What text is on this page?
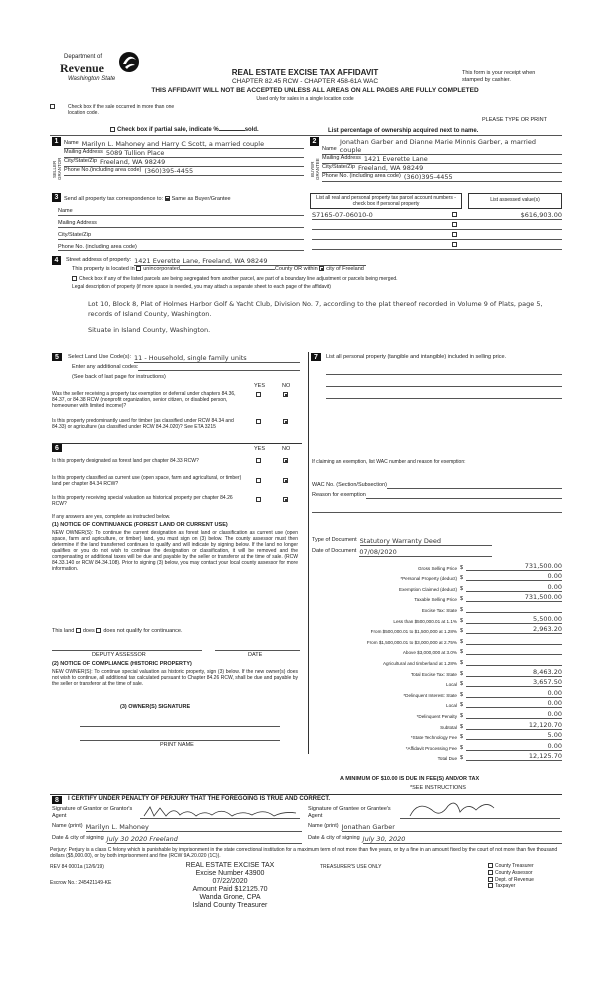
Department of
Revenue
Washington State
REAL ESTATE EXCISE TAX AFFIDAVIT
CHAPTER 82.45 RCW - CHAPTER 458-61A WAC
THIS AFFIDAVIT WILL NOT BE ACCEPTED UNLESS ALL AREAS ON ALL PAGES ARE FULLY COMPLETED
Used only for sales in a single location code
This form is your receipt when stamped by cashier.
Check box if the sale occurred in more than one location code.
PLEASE TYPE OR PRINT
Check box if partial sale, indicate %	sold.	List percentage of ownership acquired next to name.
1
SELLER GRANTOR
Name Marilyn L. Mahoney and Harry C Scott, a married couple
Mailing Address 5089 Tullion Place
City/State/Zip Freeland, WA 98249
Phone No.(including area code) (360)395-4455
2
BUYER GRANTEE
Jonathan Garber and Dianne Marie Minnis Garber, a married
Name couple
Mailing Address 1421 Everette Lane
City/State/Zip Freeland, WA 98249
Phone No. (including area code) (360)395-4455
3	Send all property tax correspondence to: Same as Buyer/Grantee
Name
Mailing Address
City/State/Zip
Phone No. (including area code)
List all real and personal property tax parcel account numbers - check box if personal property
List assessed value(s)
S7165-07-06010-0	$616,903.00
4	Street address of property: 1421 Everette Lane, Freeland, WA 98249
This property is located in unincorporated	County OR within city of Freeland
Check box if any of the listed parcels are being segregated from another parcel, are part of a boundary line adjustment or parcels being merged.
Legal description of property (if more space is needed, you may attach a separate sheet to each page of the affidavit)
Lot 10, Block 8, Plat of Holmes Harbor Golf & Yacht Club, Division No. 7, according to the plat thereof recorded in Volume 9 of Plats, page 5, records of Island County, Washington.
Situate in Island County, Washington.
5	Select Land Use Code(s): 11 - Household, single family units
Enter any additional codes:
(See back of last page for instructions)
YES	NO
Was the seller receiving a property tax exemption or deferral under chapters 84.36, 84.37, or 84.38 RCW (nonprofit organization, senior citizen, or disabled person, homeowner with limited income)?
Is this property predominantly used for timber (as classified under RCW 84.34 and 84.33) or agriculture (as classified under RCW 84.34.020)? See ETA 3215
6	YES	NO
Is this property designated as forest land per chapter 84.33 RCW?
Is this property classified as current use (open space, farm and agricultural, or timber) land per chapter 84.34 RCW?
Is this property receiving special valuation as historical property per chapter 84.26 RCW?
If any answers are yes, complete as instructed below.
(1) NOTICE OF CONTINUANCE (FOREST LAND OR CURRENT USE)
NEW OWNER(S): To continue the current designation as forest land or classification as current use (open space, farm and agriculture, or timber) land, you must sign on (3) below. The county assessor must then determine if the land transferred continues to qualify and will indicate by signing below. If the land no longer qualifies or you do not wish to continue the designation or classification, it will be removed and the compensating or additional taxes will be due and payable by the seller or transferor at the time of sale. (RCW 84.33.140 or RCW 84.34.108). Prior to signing (3) below, you may contact your local county assessor for more information.
This land does does not qualify for continuance.
DEPUTY ASSESSOR	DATE
(2) NOTICE OF COMPLIANCE (HISTORIC PROPERTY)
NEW OWNER(S): To continue special valuation as historic property, sign (3) below. If the new owner(s) does not wish to continue, all additional tax calculated pursuant to Chapter 84.26 RCW, shall be due and payable by the seller or transferor at the time of sale.
(3) OWNER(S) SIGNATURE
PRINT NAME
7	List all personal property (tangible and intangible) included in selling price.
If claiming an exemption, list WAC number and reason for exemption:
WAC No. (Section/Subsection)
Reason for exemption
Type of Document Statutory Warranty Deed
Date of Document 07/08/2020
Gross Selling Price $	731,500.00
*Personal Property (deduct) $	0.00
Exemption Claimed (deduct) $	0.00
Taxable Selling Price $	731,500.00
Excise Tax: State $
Less than $500,000.01 at 1.1% $	5,500.00
From $500,000.01 to $1,500,000 at 1.28% $	2,963.20
From $1,500,000.01 to $3,000,000 at 2.75% $
Above $3,000,000 at 3.0% $
Agricultural and timberland at 1.28% $
Total Excise Tax: State $	8,463.20
Local $	3,657.50
*Delinquent Interest: State $	0.00
Local $	0.00
*Delinquent Penalty $	0.00
Subtotal $	12,120.70
*State Technology Fee $	5.00
*Affidavit Processing Fee $	0.00
Total Due $	12,125.70
A MINIMUM OF $10.00 IS DUE IN FEE(S) AND/OR TAX
*SEE INSTRUCTIONS
8	I CERTIFY UNDER PENALTY OF PERJURY THAT THE FOREGOING IS TRUE AND CORRECT.
Signature of Grantor or Grantor's Agent
Signature of Grantee or Grantee's Agent
Name (print) Marilyn L. Mahoney	Name (print) Jonathan Garber
Date & city of signing July 30 2020 Freeland	Date & city of signing July 30, 2020
Perjury: Perjury is a class C felony which is punishable by imprisonment in the state correctional institution for a maximum term of not more than five years, or by a fine in an amount fixed by the court of not more than five thousand dollars ($5,000.00), or by both imprisonment and fine (RCW 9A.20.020 (1C)).
REV 84 0001a (12/6/19)
Escrow No.: 245421149-KE
REAL ESTATE EXCISE TAX
Excise Number 43900
07/22/2020
Amount Paid $12125.70
Wanda Grone, CPA
Island County Treasurer
TREASURER'S USE ONLY	County Treasurer
County Assessor
Dept. of Revenue
Taxpayer
